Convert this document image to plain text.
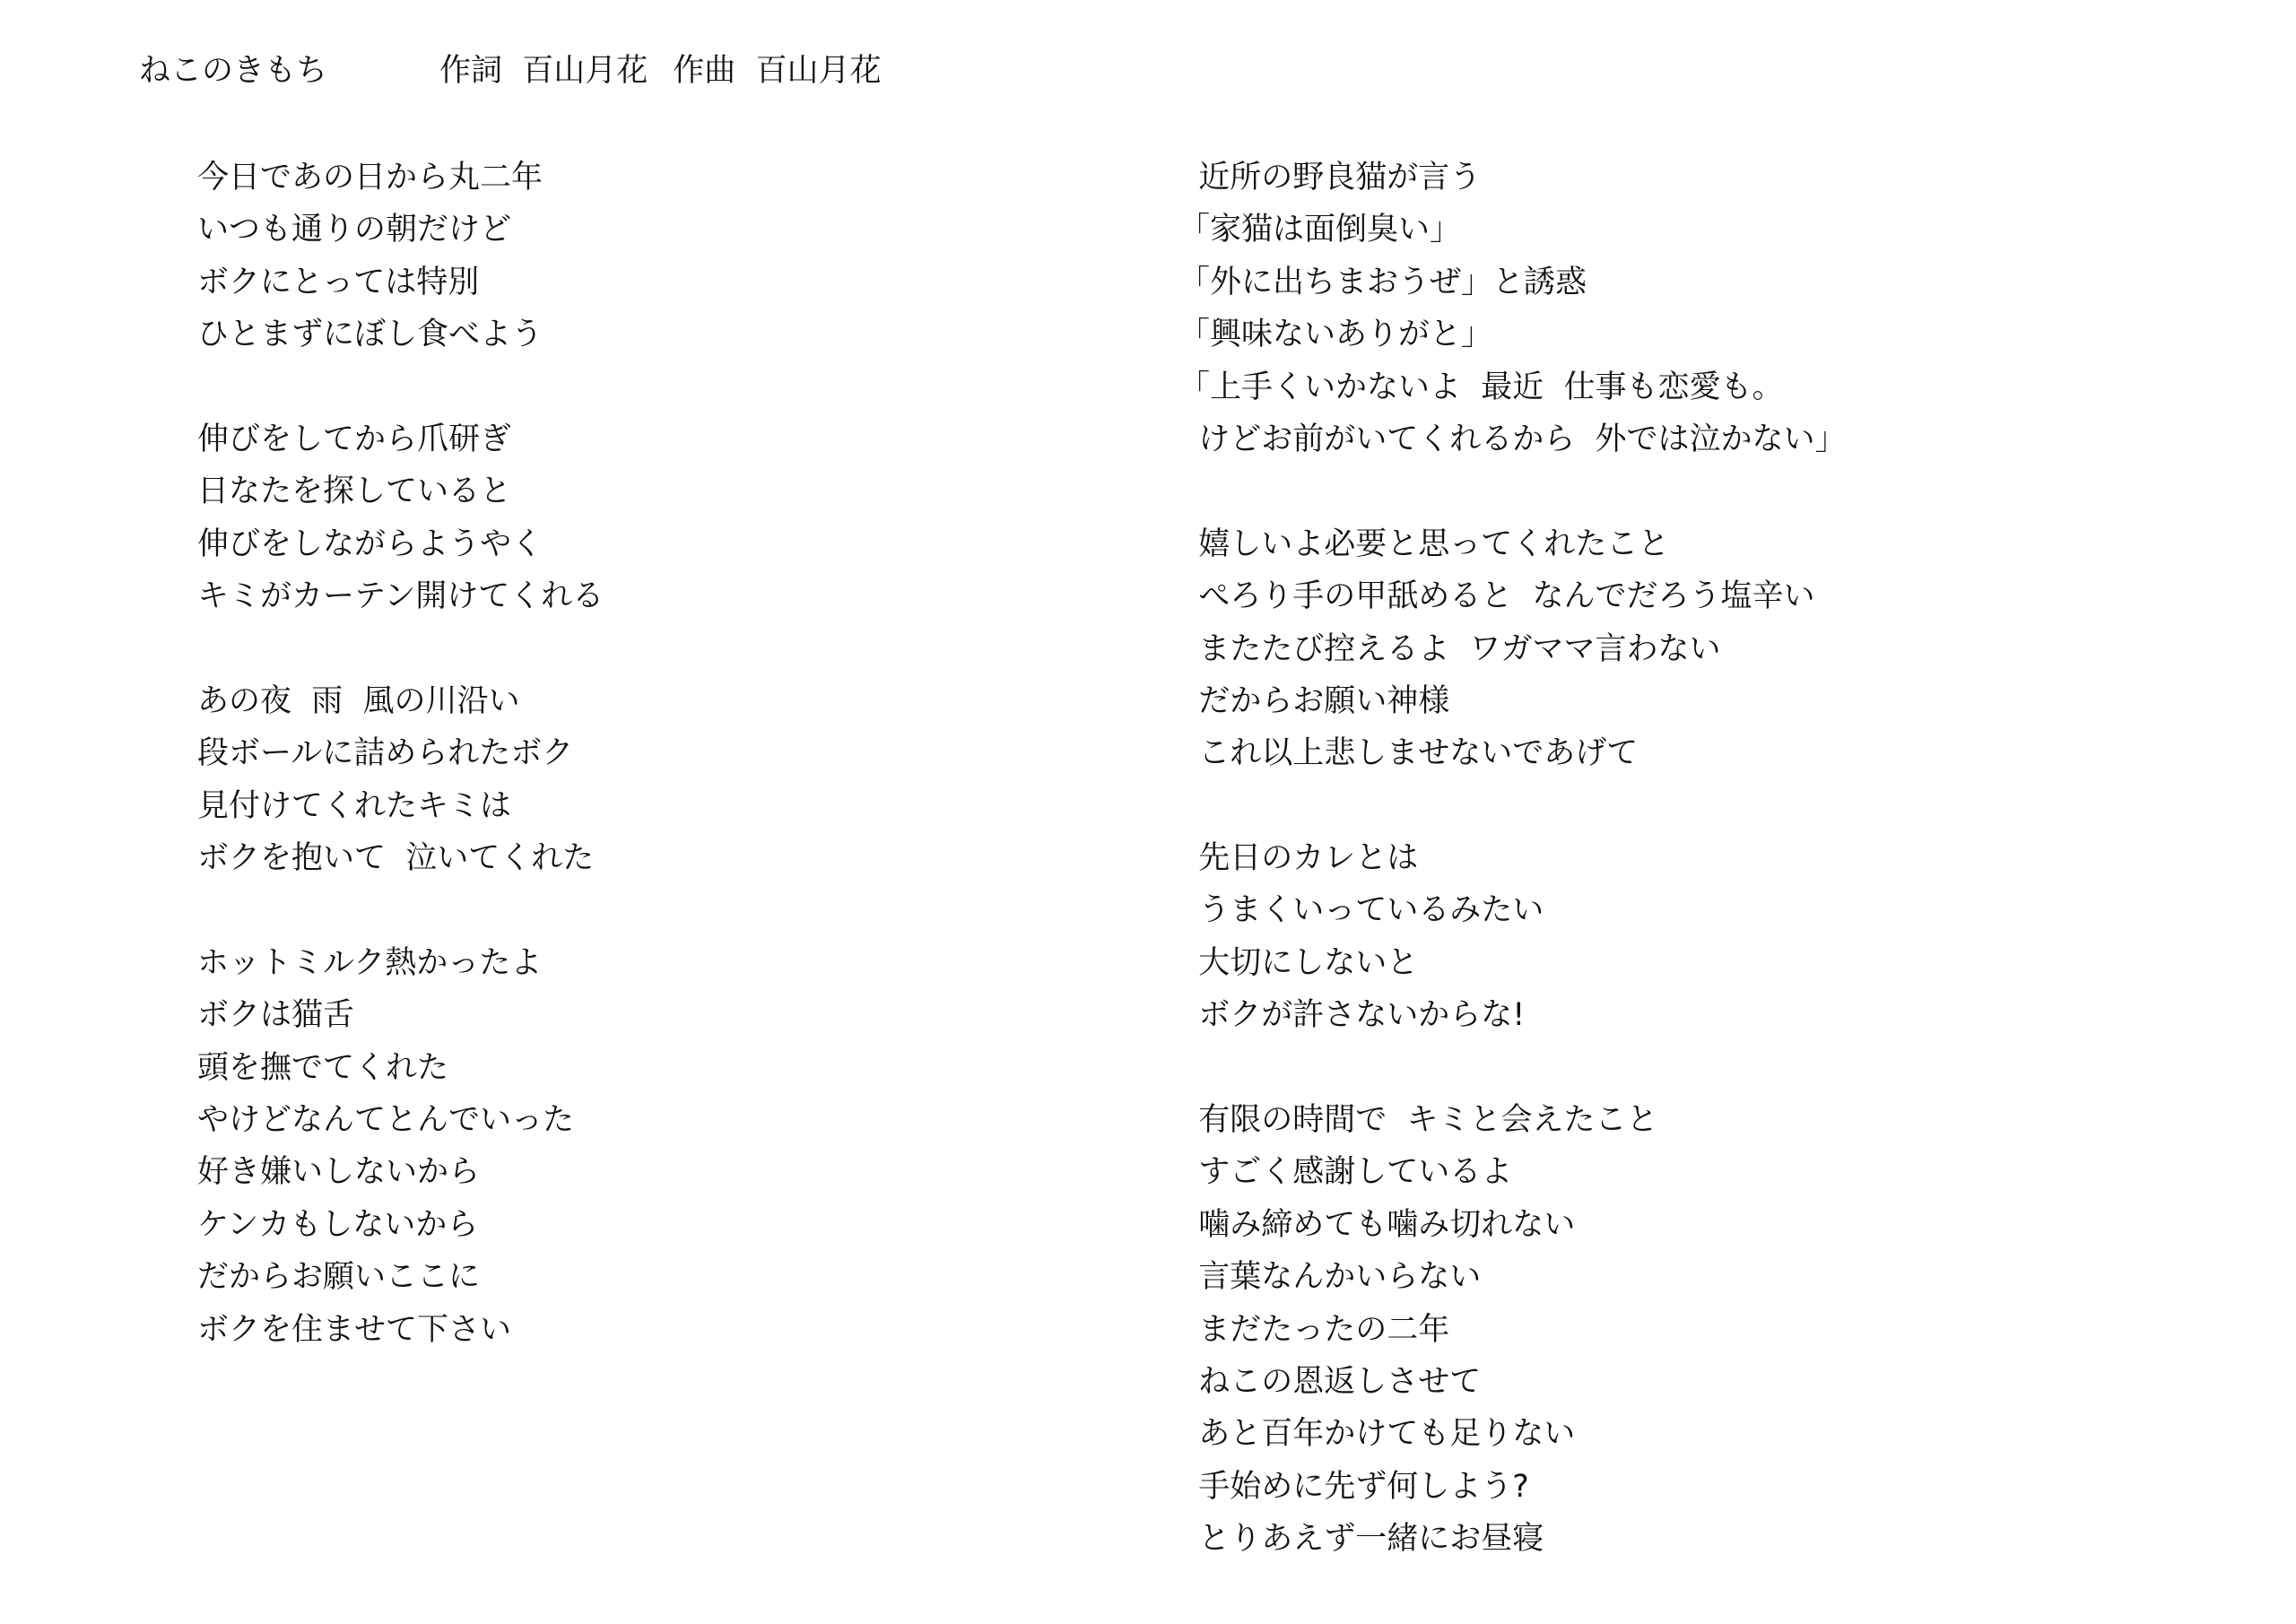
ねこのきもち	作詞  百山月花 作曲  百山月花
今日であの日から丸二年
いつも通りの朝だけど
ボクにとっては特別
ひとまずにぼし食べよう
伸びをしてから爪研ぎ
日なたを探していると
伸びをしながらようやく
キミがカーテン開けてくれる
あの夜  雨  風の川沿い
段ボールに詰められたボク
見付けてくれたキミは
ボクを抱いて  泣いてくれた
ホットミルク熱かったよ
ボクは猫舌
頭を撫でてくれた
やけどなんてとんでいった
好き嫌いしないから
ケンカもしないから
だからお願いここに
ボクを住ませて下さい
近所の野良猫が言う
「家猫は面倒臭い」
「外に出ちまおうぜ」と誘惑
「興味ないありがと」
「上手くいかないよ  最近  仕事も恋愛も。
けどお前がいてくれるから  外では泣かない」
嬉しいよ必要と思ってくれたこと
ぺろり手の甲舐めると  なんでだろう塩辛い
またたび控えるよ  ワガママ言わない
だからお願い神様
これ以上悲しませないであげて
先日のカレとは
うまくいっているみたい
大切にしないと
ボクが許さないからな!
有限の時間で  キミと会えたこと
すごく感謝しているよ
噛み締めても噛み切れない
言葉なんかいらない
まだたったの二年
ねこの恩返しさせて
あと百年かけても足りない
手始めに先ず何しよう?
とりあえず一緒にお昼寝
